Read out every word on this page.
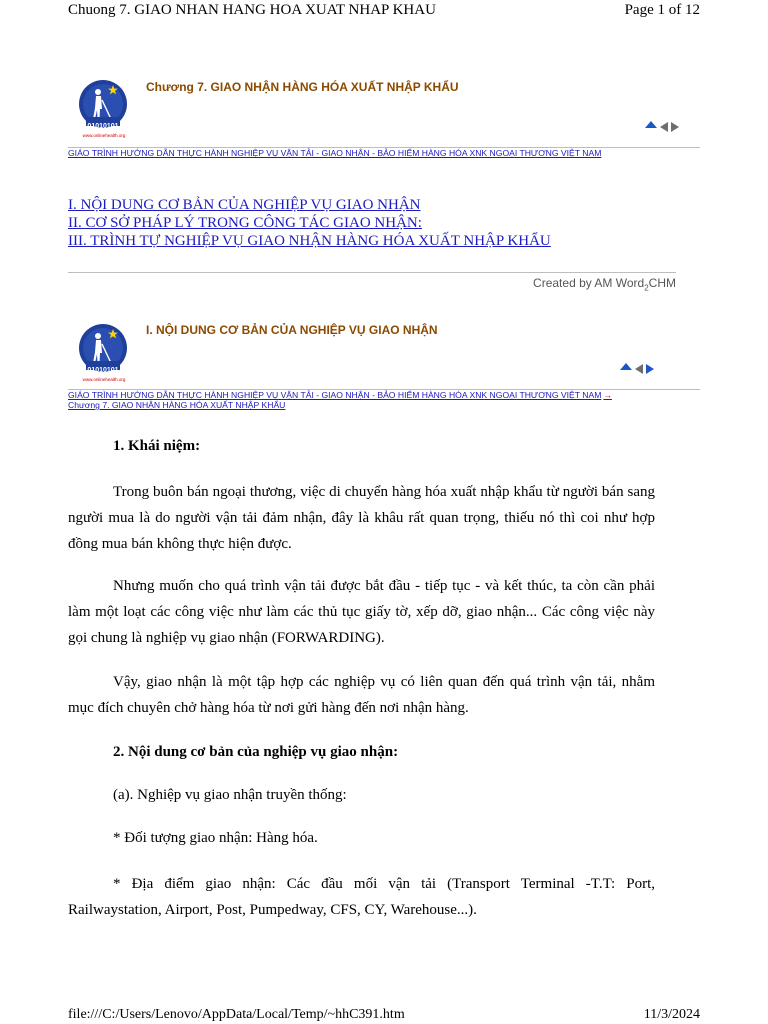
Chuong 7. GIAO NHAN HANG HOA XUAT NHAP KHAU	Page 1 of 12
01010101
www.onlinehealth.org
Chương 7. GIAO NHẬN HÀNG HÓA XUẤT NHẬP KHẨU
GIÁO TRÌNH HƯỚNG DẪN THỰC HÀNH NGHIỆP VỤ VẬN TẢI - GIAO NHẬN - BẢO HIỂM HÀNG HÓA XNK NGOẠI THƯƠNG VIỆT NAM
I. NỘI DUNG CƠ BẢN CỦA NGHIỆP VỤ GIAO NHẬN
II. CƠ SỞ PHÁP LÝ TRONG CÔNG TÁC GIAO NHẬN:
III. TRÌNH TỰ NGHIỆP VỤ GIAO NHẬN HÀNG HÓA XUẤT NHẬP KHẨU
Created by AM Word$_2$CHM
01010101
www.onlinehealth.org
I. NỘI DUNG CƠ BẢN CỦA NGHIỆP VỤ GIAO NHẬN
GIÁO TRÌNH HƯỚNG DẪN THỰC HÀNH NGHIỆP VỤ VẬN TẢI - GIAO NHẬN - BẢO HIỂM HÀNG HÓA XNK NGOẠI THƯƠNG VIỆT NAM →
Chương 7. GIAO NHẬN HÀNG HÓA XUẤT NHẬP KHẨU
1. Khái niệm:

Trong buôn bán ngoại thương, việc di chuyển hàng hóa xuất nhập khẩu từ người bán sang người mua là do người vận tải đảm nhận, đây là khâu rất quan trọng, thiếu nó thì coi như hợp đồng mua bán không thực hiện được.

Nhưng muốn cho quá trình vận tải được bắt đầu - tiếp tục - và kết thúc, ta còn cần phải làm một loạt các công việc như làm các thủ tục giấy tờ, xếp dỡ, giao nhận... Các công việc này gọi chung là nghiệp vụ giao nhận (FORWARDING).

Vậy, giao nhận là một tập hợp các nghiệp vụ có liên quan đến quá trình vận tải, nhằm mục đích chuyên chở hàng hóa từ nơi gửi hàng đến nơi nhận hàng.

2. Nội dung cơ bản của nghiệp vụ giao nhận:
(a). Nghiệp vụ giao nhận truyền thống:
* Đối tượng giao nhận: Hàng hóa.

* Địa điểm giao nhận: Các đầu mối vận tải (Transport Terminal -T.T: Port, Railwaystation, Airport, Post, Pumpedway, CFS, CY, Warehouse...).

file:///C:/Users/Lenovo/AppData/Local/Temp/~hhC391.htm	11/3/2024
